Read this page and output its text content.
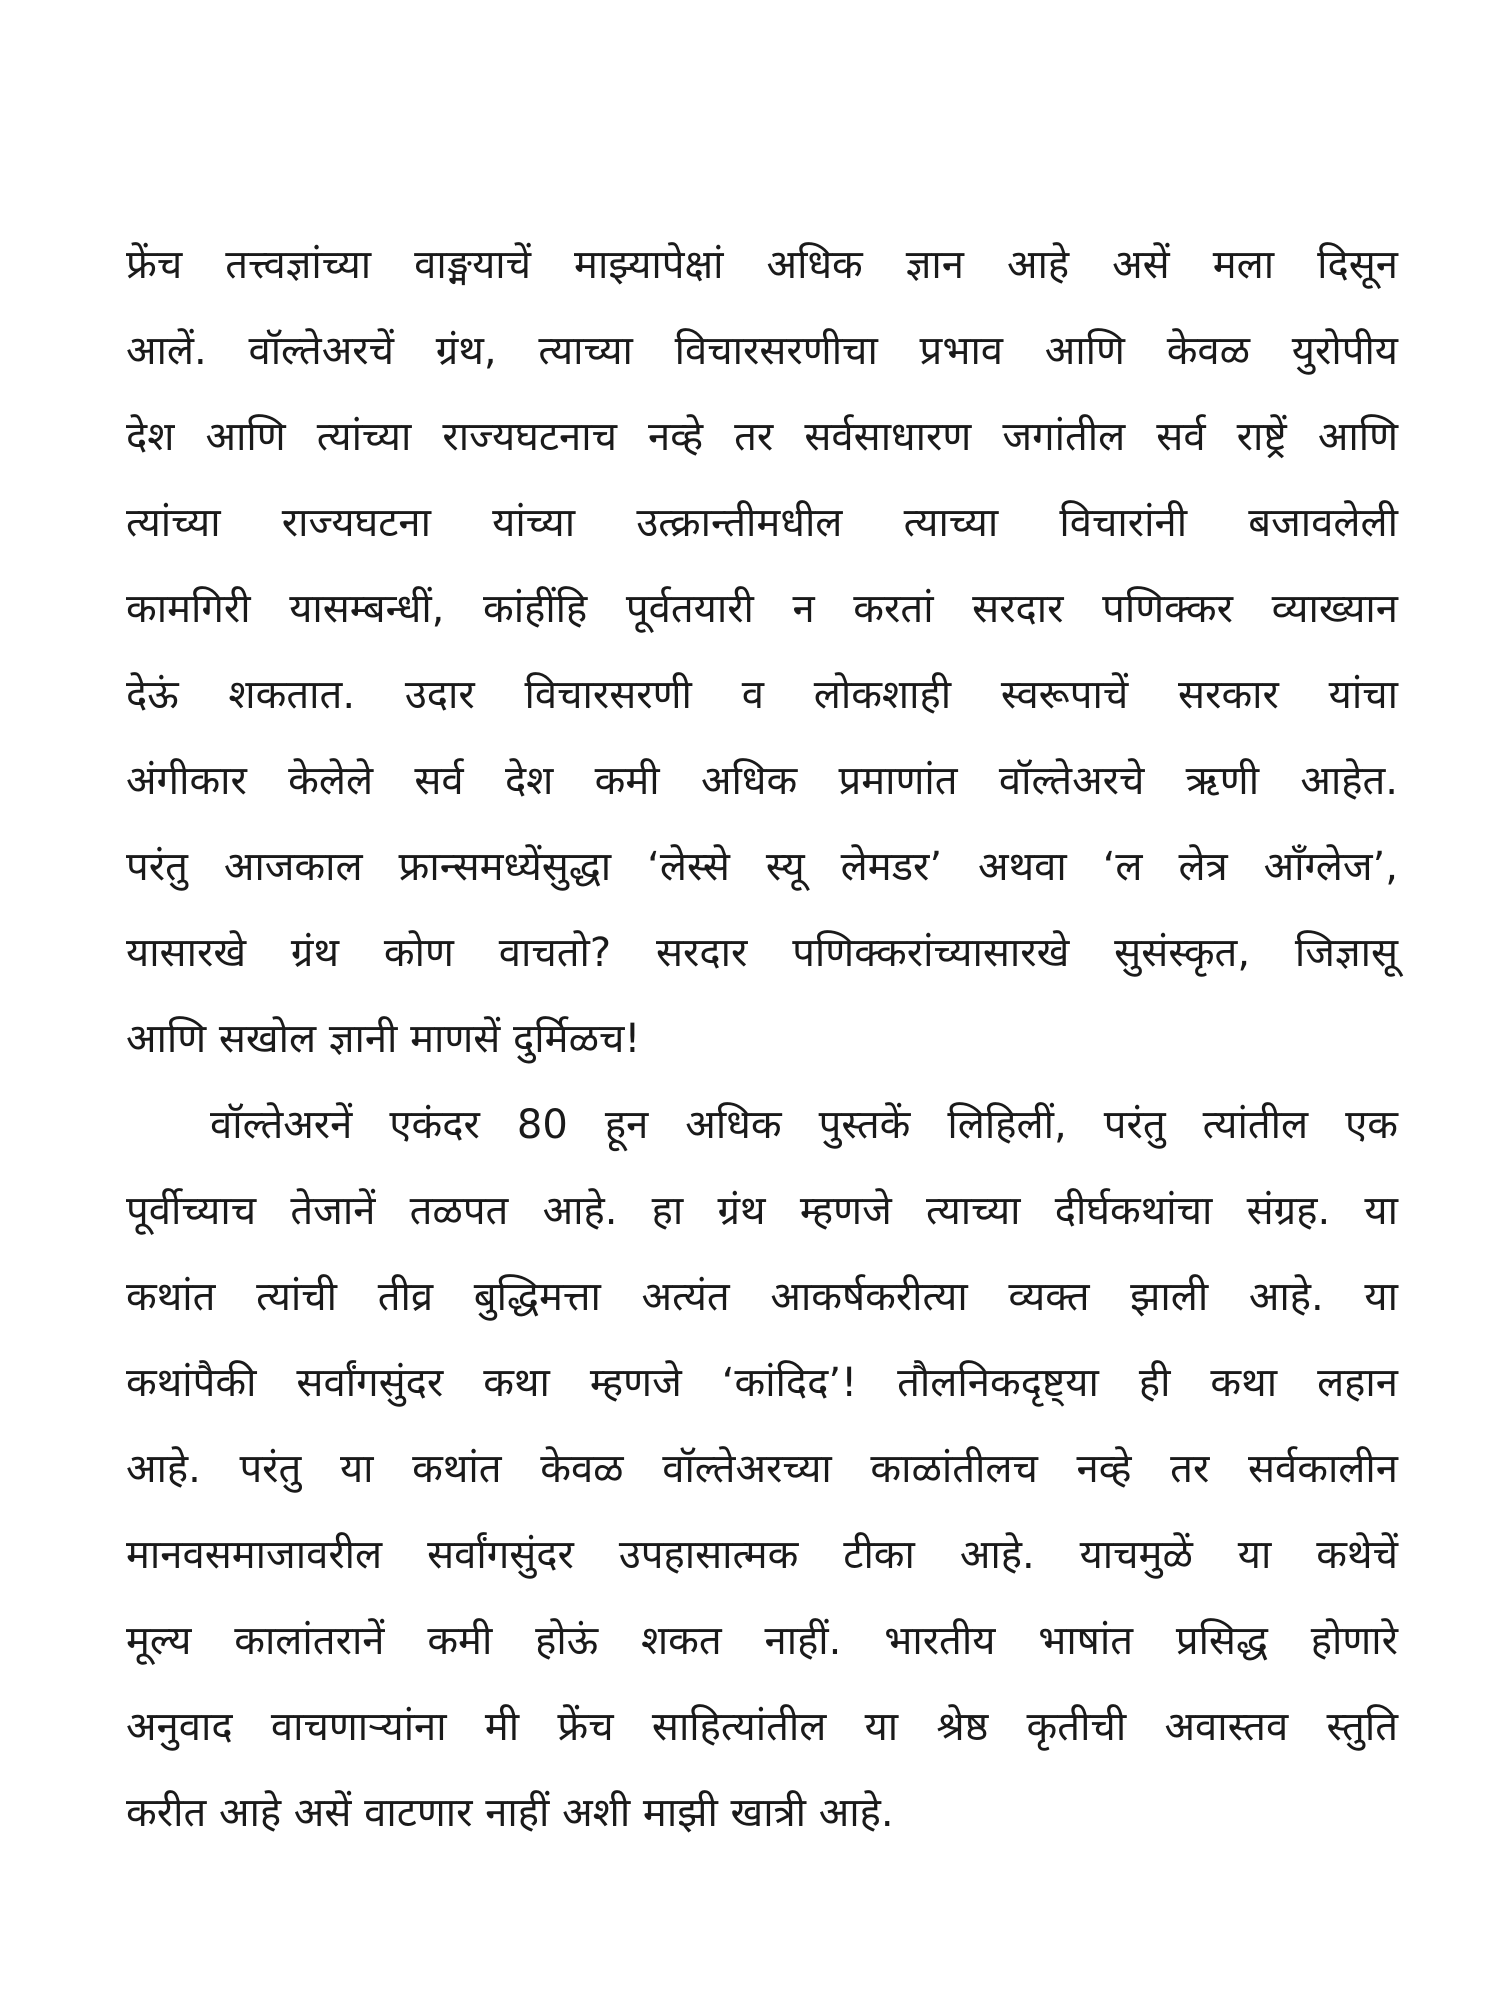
फ्रेंच तत्त्वज्ञांच्या वाङ्मयाचें माझ्यापेक्षां अधिक ज्ञान आहे असें मला दिसून
आलें. वॉल्तेअरचें ग्रंथ, त्याच्या विचारसरणीचा प्रभाव आणि केवळ युरोपीय
देश आणि त्यांच्या राज्यघटनाच नव्हे तर सर्वसाधारण जगांतील सर्व राष्ट्रें आणि
त्यांच्या राज्यघटना यांच्या उत्क्रान्तीमधील त्याच्या विचारांनी बजावलेली
कामगिरी यासम्बन्धीं, कांहींहि पूर्वतयारी न करतां सरदार पणिक्कर व्याख्यान
देऊं शकतात. उदार विचारसरणी व लोकशाही स्वरूपाचें सरकार यांचा
अंगीकार केलेले सर्व देश कमी अधिक प्रमाणांत वॉल्तेअरचे ऋणी आहेत.
परंतु आजकाल फ्रान्समध्येंसुद्धा ‘लेस्से स्यू लेमडर’ अथवा ‘ल लेत्र ऑंग्लेज’,
यासारखे ग्रंथ कोण वाचतो? सरदार पणिक्करांच्यासारखे सुसंस्कृत, जिज्ञासू
आणि सखोल ज्ञानी माणसें दुर्मिळच!
वॉल्तेअरनें एकंदर 80 हून अधिक पुस्तकें लिहिलीं, परंतु त्यांतील एक
पूर्वीच्याच तेजानें तळपत आहे. हा ग्रंथ म्हणजे त्याच्या दीर्घकथांचा संग्रह. या
कथांत त्यांची तीव्र बुद्धिमत्ता अत्यंत आकर्षकरीत्या व्यक्त झाली आहे. या
कथांपैकी सर्वांगसुंदर कथा म्हणजे ‘कांदिद’! तौलनिकदृष्ट्या ही कथा लहान
आहे. परंतु या कथांत केवळ वॉल्तेअरच्या काळांतीलच नव्हे तर सर्वकालीन
मानवसमाजावरील सर्वांगसुंदर उपहासात्मक टीका आहे. याचमुळें या कथेचें
मूल्य कालांतरानें कमी होऊं शकत नाहीं. भारतीय भाषांत प्रसिद्ध होणारे
अनुवाद वाचणाऱ्यांना मी फ्रेंच साहित्यांतील या श्रेष्ठ कृतीची अवास्तव स्तुति
करीत आहे असें वाटणार नाहीं अशी माझी खात्री आहे.
